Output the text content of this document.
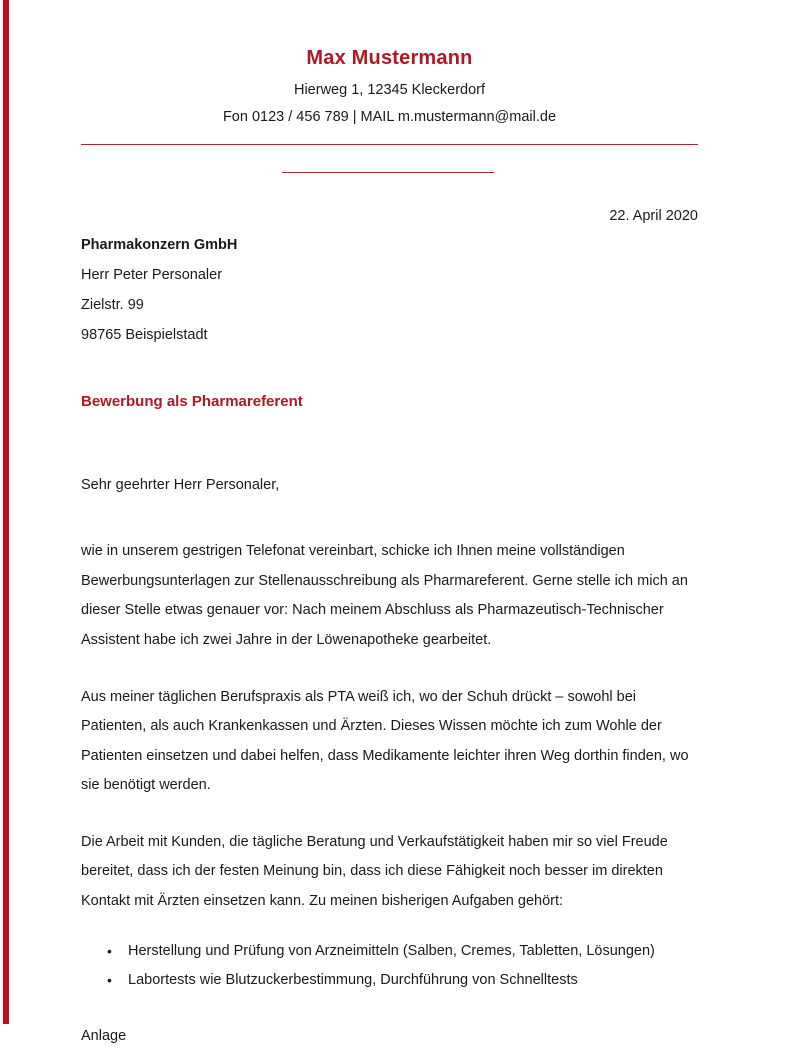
Max Mustermann
Hierweg 1, 12345 Kleckerdorf
Fon 0123 / 456 789 | MAIL m.mustermann@mail.de
22. April 2020
Pharmakonzern GmbH
Herr Peter Personaler
Zielstr. 99
98765 Beispielstadt
Bewerbung als Pharmareferent

Sehr geehrter Herr Personaler,

wie in unserem gestrigen Telefonat vereinbart, schicke ich Ihnen meine vollständigen Bewerbungsunterlagen zur Stellenausschreibung als Pharmareferent. Gerne stelle ich mich an dieser Stelle etwas genauer vor: Nach meinem Abschluss als Pharmazeutisch-Technischer Assistent habe ich zwei Jahre in der Löwenapotheke gearbeitet.

Aus meiner täglichen Berufspraxis als PTA weiß ich, wo der Schuh drückt – sowohl bei Patienten, als auch Krankenkassen und Ärzten. Dieses Wissen möchte ich zum Wohle der Patienten einsetzen und dabei helfen, dass Medikamente leichter ihren Weg dorthin finden, wo sie benötigt werden.

Die Arbeit mit Kunden, die tägliche Beratung und Verkaufstätigkeit haben mir so viel Freude bereitet, dass ich der festen Meinung bin, dass ich diese Fähigkeit noch besser im direkten Kontakt mit Ärzten einsetzen kann. Zu meinen bisherigen Aufgaben gehört:

• Herstellung und Prüfung von Arzneimitteln (Salben, Cremes, Tabletten, Lösungen)
• Labortests wie Blutzuckerbestimmung, Durchführung von Schnelltests

Anlage
